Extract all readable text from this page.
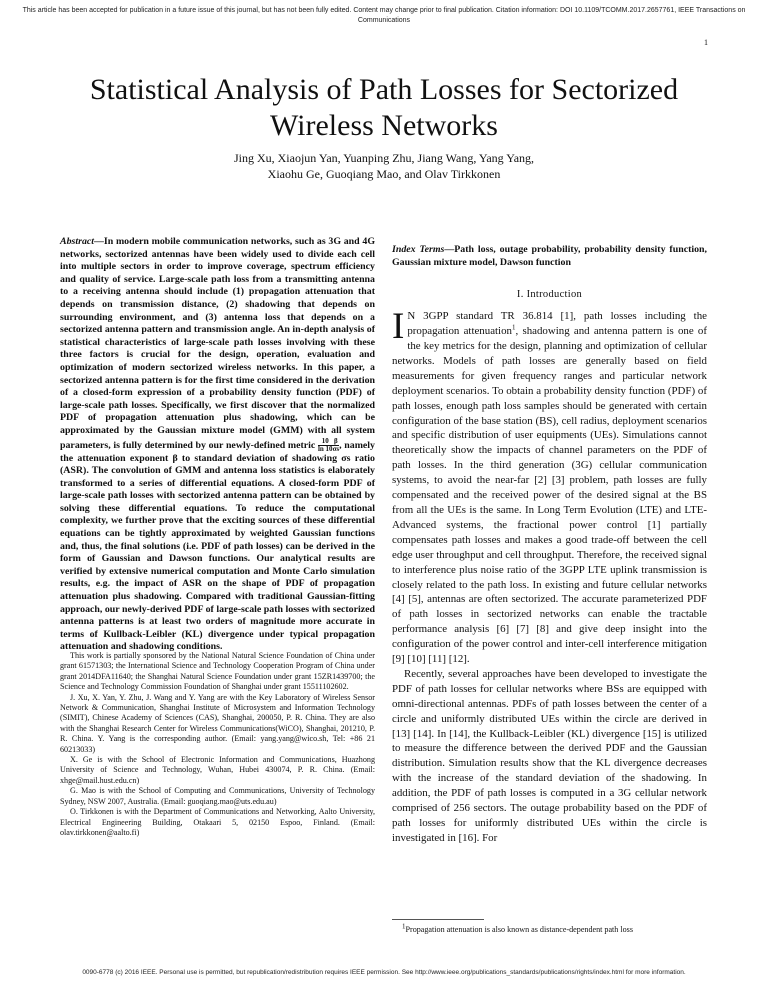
This article has been accepted for publication in a future issue of this journal, but has not been fully edited. Content may change prior to final publication. Citation information: DOI 10.1109/TCOMM.2017.2657761, IEEE Transactions on Communications
1
Statistical Analysis of Path Losses for Sectorized Wireless Networks
Jing Xu, Xiaojun Yan, Yuanping Zhu, Jiang Wang, Yang Yang,
Xiaohu Ge, Guoqiang Mao, and Olav Tirkkonen

Abstract—In modern mobile communication networks, such as 3G and 4G networks, sectorized antennas have been widely used to divide each cell into multiple sectors in order to improve coverage, spectrum efficiency and quality of service. Large-scale path loss from a transmitting antenna to a receiving antenna should include (1) propagation attenuation that depends on transmission distance, (2) shadowing that depends on surrounding environment, and (3) antenna loss that depends on a sectorized antenna pattern and transmission angle. An in-depth analysis of statistical characteristics of large-scale path losses involving with these three factors is crucial for the design, operation, evaluation and optimization of modern sectorized wireless networks. In this paper, a sectorized antenna pattern is for the first time considered in the derivation of a closed-form expression of a probability density function (PDF) of large-scale path losses. Specifically, we first discover that the normalized PDF of propagation attenuation plus shadowing, which can be approximated by the Gaussian mixture model (GMM) with all system parameters, is fully determined by our newly-defined metric $\frac{10}{\ln 10} \frac{\beta}{\sigma s}$ , namely the attenuation exponent β to standard deviation of shadowing σs ratio (ASR). The convolution of GMM and antenna loss statistics is elaborately transformed to a series of differential equations. A closed-form PDF of large-scale path losses with sectorized antenna pattern can be obtained by solving these differential equations. To reduce the computational complexity, we further prove that the exciting sources of these differential equations can be tightly approximated by weighted Gaussian functions and, thus, the final solutions (i.e. PDF of path losses) can be derived in the form of Gaussian and Dawson functions. Our analytical results are verified by extensive numerical computation and Monte Carlo simulation results, e.g. the impact of ASR on the shape of PDF of propagation attenuation plus shadowing. Compared with traditional Gaussian-fitting approach, our newly-derived PDF of large-scale path losses with sectorized antenna patterns is at least two orders of magnitude more accurate in terms of Kullback-Leibler (KL) divergence under typical propagation attenuation and shadowing conditions.

Index Terms—Path loss, outage probability, probability density function, Gaussian mixture model, Dawson function

I. Introduction

I N 3GPP standard TR 36.814 [1], path losses including the propagation attenuation$^1$, shadowing and antenna pattern is one of the key metrics for the design, planning and optimization of cellular networks. Models of path losses are generally based on field measurements for given frequency ranges and particular network deployment scenarios. To obtain a probability density function (PDF) of path losses, enough path loss samples should be generated with certain configuration of the base station (BS), cell radius, deployment scenarios and specific distribution of user equipments (UEs). Simulations cannot theoretically show the impacts of channel parameters on the PDF of path losses. In the third generation (3G) cellular communication systems, to avoid the near-far [2] [3] problem, path losses are fully compensated and the received power of the desired signal at the BS from all the UEs is the same. In Long Term Evolution (LTE) and LTE-Advanced systems, the fractional power control [1] partially compensates path losses and makes a good trade-off between the cell edge user throughput and cell throughput. Therefore, the received signal to interference plus noise ratio of the 3GPP LTE uplink transmission is closely related to the path loss. In existing and future cellular networks [4] [5], antennas are often sectorized. The accurate parameterized PDF of path losses in sectorized networks can enable the tractable performance analysis [6] [7] [8] and give deep insight into the configuration of the power control and inter-cell interference mitigation [9] [10] [11] [12].

Recently, several approaches have been developed to investigate the PDF of path losses for cellular networks where BSs are equipped with omni-directional antennas. PDFs of path losses between the center of a circle and uniformly distributed UEs within the circle are derived in [13] [14]. In [14], the Kullback-Leibler (KL) divergence [15] is utilized to measure the difference between the derived PDF and the Gaussian distribution. Simulation results show that the KL divergence decreases with the increase of the standard deviation of the shadowing. In addition, the PDF of path losses is computed in a 3G cellular network comprised of 256 sectors. The outage probability based on the PDF of path losses for uniformly distributed UEs within the circle is investigated in [16]. For

This work is partially sponsored by the National Natural Science Foundation of China under grant 61571303; the International Science and Technology Cooperation Program of China under grant 2014DFA11640; the Shanghai Natural Science Foundation under grant 15ZR1439700; the Science and Technology Commission Foundation of Shanghai under grant 15511102602.

J. Xu, X. Yan, Y. Zhu, J. Wang and Y. Yang are with the Key Laboratory of Wireless Sensor Network & Communication, Shanghai Institute of Microsystem and Information Technology (SIMIT), Chinese Academy of Sciences (CAS), Shanghai, 200050, P. R. China. They are also with the Shanghai Research Center for Wireless Communications(WiCO), Shanghai, 201210, P. R. China. Y. Yang is the corresponding author. (Email: yang.yang@wico.sh, Tel: +86 21 60213033)

X. Ge is with the School of Electronic Information and Communications, Huazhong University of Science and Technology, Wuhan, Hubei 430074, P. R. China. (Email: xhge@mail.hust.edu.cn)

G. Mao is with the School of Computing and Communications, University of Technology Sydney, NSW 2007, Australia. (Email: guoqiang.mao@uts.edu.au)

O. Tirkkonen is with the Department of Communications and Networking, Aalto University, Electrical Engineering Building, Otakaari 5, 02150 Espoo, Finland. (Email: olav.tirkkonen@aalto.fi)

$^1$Propagation attenuation is also known as distance-dependent path loss

0090-6778 (c) 2016 IEEE. Personal use is permitted, but republication/redistribution requires IEEE permission. See http://www.ieee.org/publications_standards/publications/rights/index.html for more information.
